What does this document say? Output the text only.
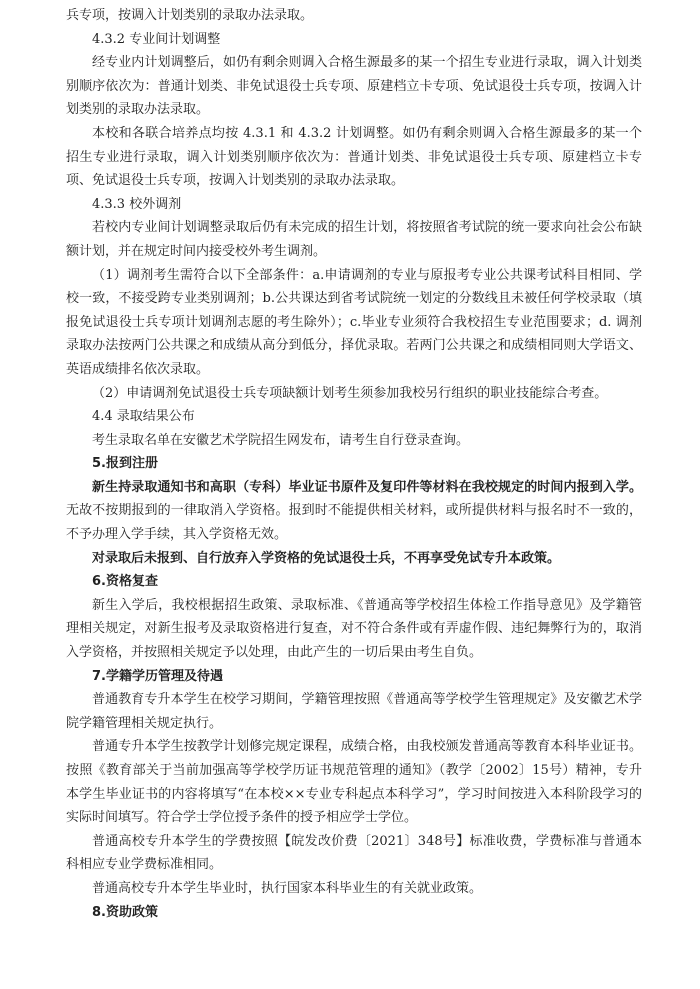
兵专项，按调入计划类别的录取办法录取。

4.3.2 专业间计划调整

经专业内计划调整后，如仍有剩余则调入合格生源最多的某一个招生专业进行录取，调入计划类别顺序依次为：普通计划类、非免试退役士兵专项、原建档立卡专项、免试退役士兵专项，按调入计划类别的录取办法录取。

本校和各联合培养点均按 4.3.1 和 4.3.2 计划调整。如仍有剩余则调入合格生源最多的某一个招生专业进行录取，调入计划类别顺序依次为：普通计划类、非免试退役士兵专项、原建档立卡专项、免试退役士兵专项，按调入计划类别的录取办法录取。

4.3.3 校外调剂

若校内专业间计划调整录取后仍有未完成的招生计划，将按照省考试院的统一要求向社会公布缺额计划，并在规定时间内接受校外考生调剂。

（1）调剂考生需符合以下全部条件：a.申请调剂的专业与原报考专业公共课考试科目相同、学校一致，不接受跨专业类别调剂；b.公共课达到省考试院统一划定的分数线且未被任何学校录取（填报免试退役士兵专项计划调剂志愿的考生除外）；c.毕业专业须符合我校招生专业范围要求；d. 调剂录取办法按两门公共课之和成绩从高分到低分，择优录取。若两门公共课之和成绩相同则大学语文、英语成绩排名依次录取。

（2）申请调剂免试退役士兵专项缺额计划考生须参加我校另行组织的职业技能综合考查。

4.4 录取结果公布

考生录取名单在安徽艺术学院招生网发布，请考生自行登录查询。

5.报到注册

新生持录取通知书和高职（专科）毕业证书原件及复印件等材料在我校规定的时间内报到入学。无故不按期报到的一律取消入学资格。报到时不能提供相关材料，或所提供材料与报名时不一致的，不予办理入学手续，其入学资格无效。

对录取后未报到、自行放弃入学资格的免试退役士兵，不再享受免试专升本政策。

6.资格复查

新生入学后，我校根据招生政策、录取标准、《普通高等学校招生体检工作指导意见》及学籍管理相关规定，对新生报考及录取资格进行复查，对不符合条件或有弄虚作假、违纪舞弊行为的，取消入学资格，并按照相关规定予以处理，由此产生的一切后果由考生自负。

7.学籍学历管理及待遇

普通教育专升本学生在校学习期间，学籍管理按照《普通高等学校学生管理规定》及安徽艺术学院学籍管理相关规定执行。

普通专升本学生按教学计划修完规定课程，成绩合格，由我校颁发普通高等教育本科毕业证书。按照《教育部关于当前加强高等学校学历证书规范管理的通知》（教学〔2002〕15号）精神，专升本学生毕业证书的内容将填写“在本校××专业专科起点本科学习”，学习时间按进入本科阶段学习的实际时间填写。符合学士学位授予条件的授予相应学士学位。

普通高校专升本学生的学费按照【皖发改价费〔2021〕348号】标准收费，学费标准与普通本科相应专业学费标准相同。

普通高校专升本学生毕业时，执行国家本科毕业生的有关就业政策。

8.资助政策
